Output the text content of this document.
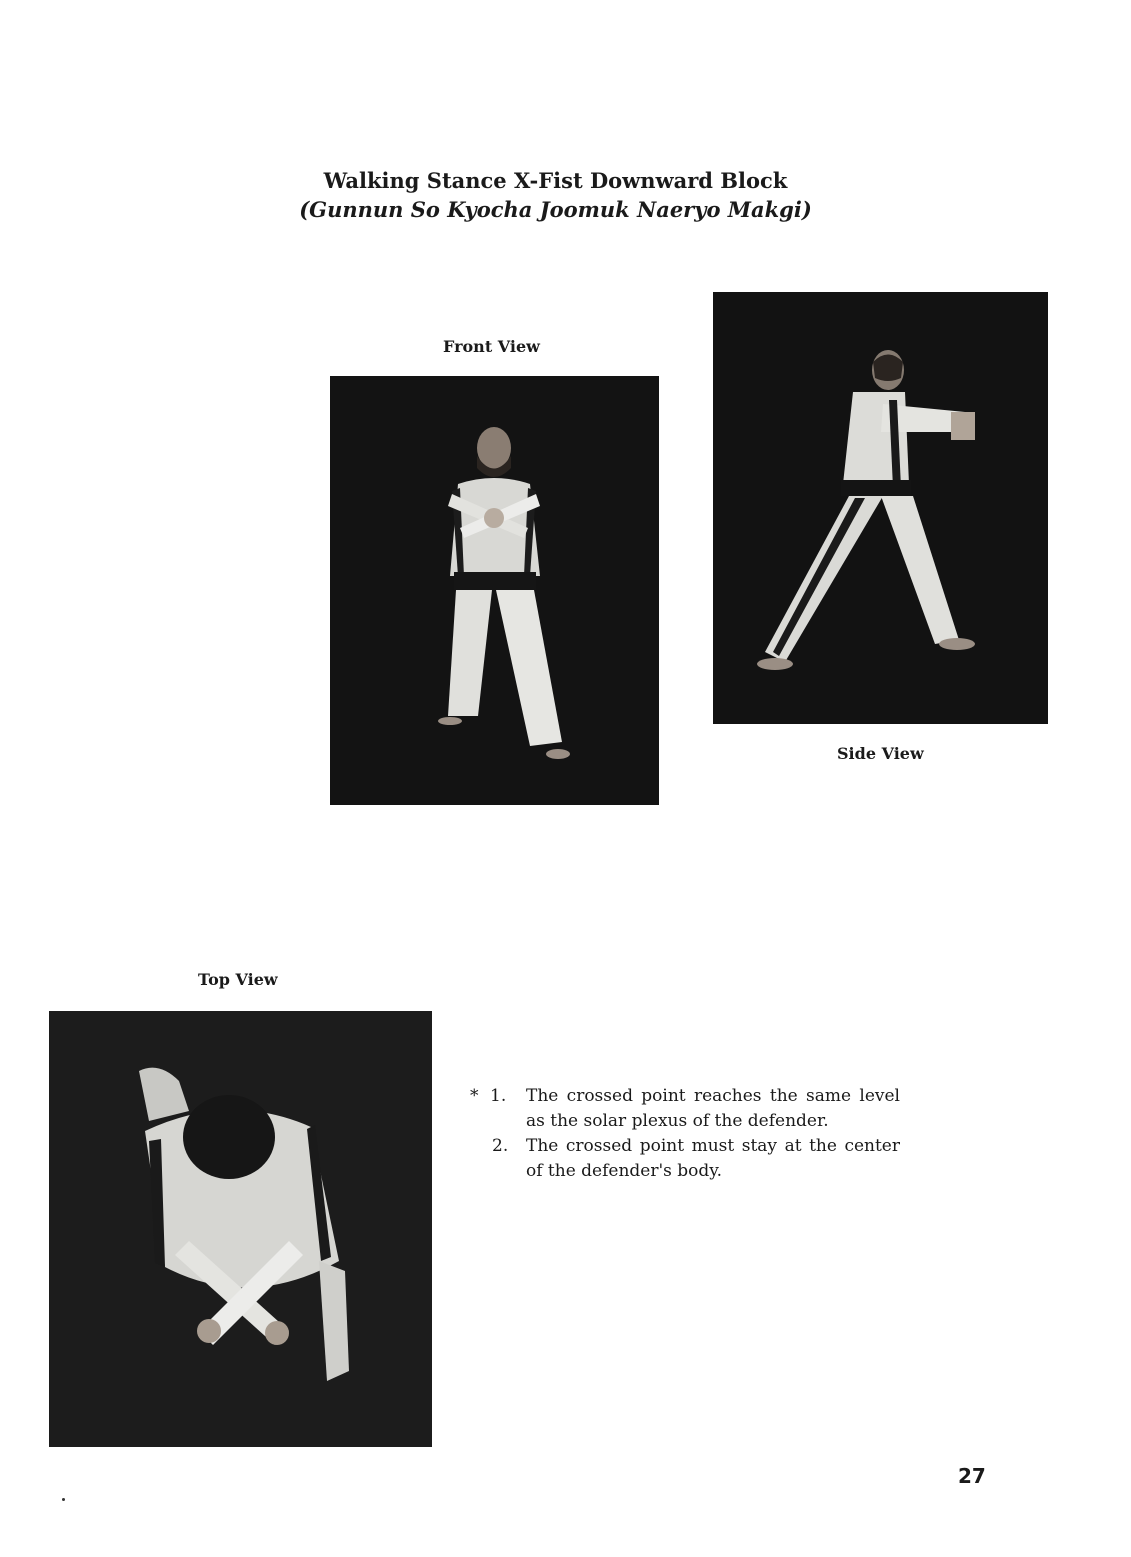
Walking Stance X-Fist Downward Block
(Gunnun So Kyocha Joomuk Naeryo Makgi)
Front View
Side View
Top View
* 1. The crossed point reaches the same level as the solar plexus of the defender.
2. The crossed point must stay at the center of the defender's body.
27
